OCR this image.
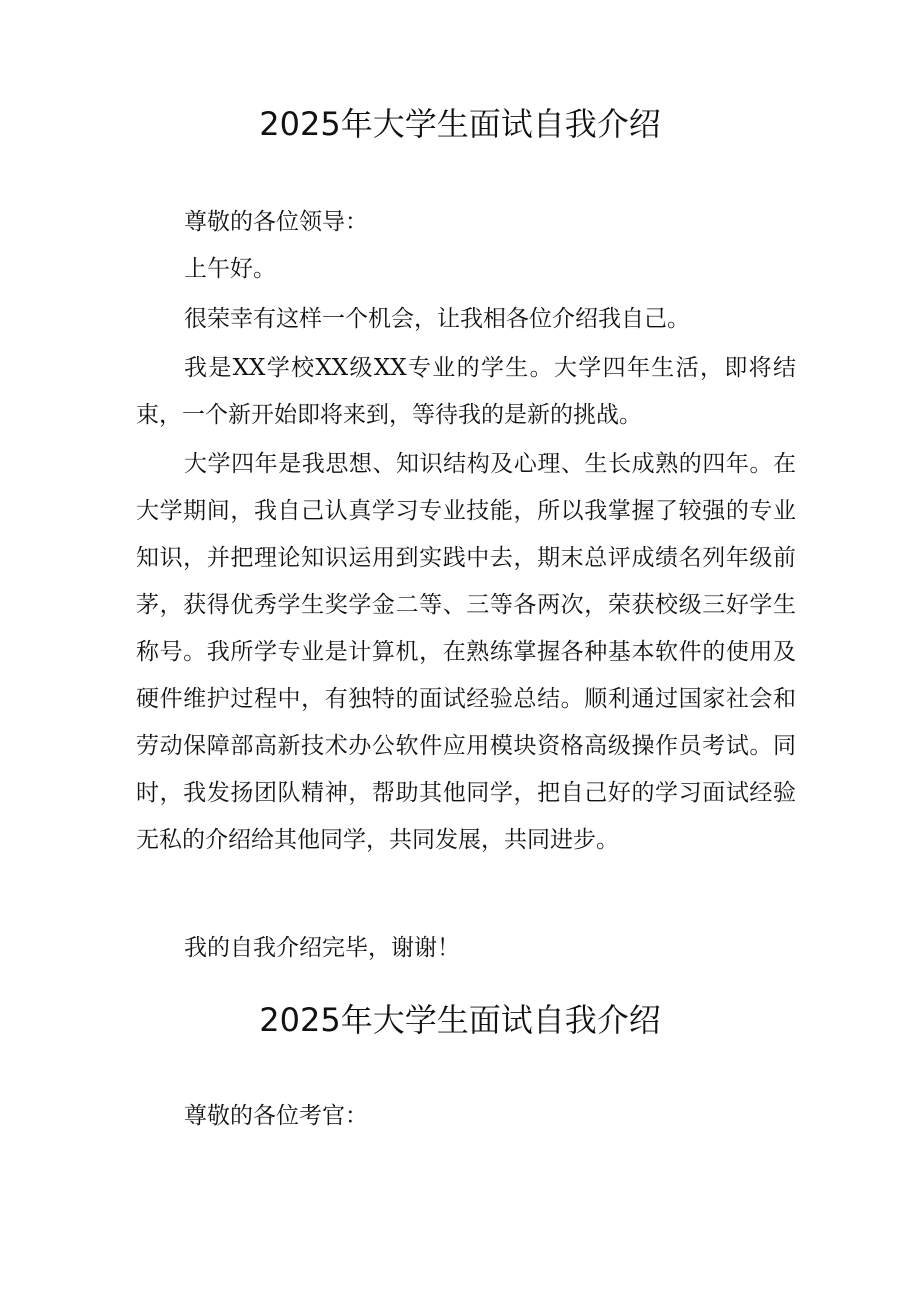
2025年大学生面试自我介绍

尊敬的各位领导：

上午好。

很荣幸有这样一个机会，让我相各位介绍我自己。

我是XX学校XX级XX专业的学生。大学四年生活，即将结束，一个新开始即将来到，等待我的是新的挑战。

大学四年是我思想、知识结构及心理、生长成熟的四年。在大学期间，我自己认真学习专业技能，所以我掌握了较强的专业知识，并把理论知识运用到实践中去，期末总评成绩名列年级前茅，获得优秀学生奖学金二等、三等各两次，荣获校级三好学生称号。我所学专业是计算机，在熟练掌握各种基本软件的使用及硬件维护过程中，有独特的面试经验总结。顺利通过国家社会和劳动保障部高新技术办公软件应用模块资格高级操作员考试。同时，我发扬团队精神，帮助其他同学，把自己好的学习面试经验无私的介绍给其他同学，共同发展，共同进步。

我的自我介绍完毕，谢谢！

2025年大学生面试自我介绍

尊敬的各位考官：
